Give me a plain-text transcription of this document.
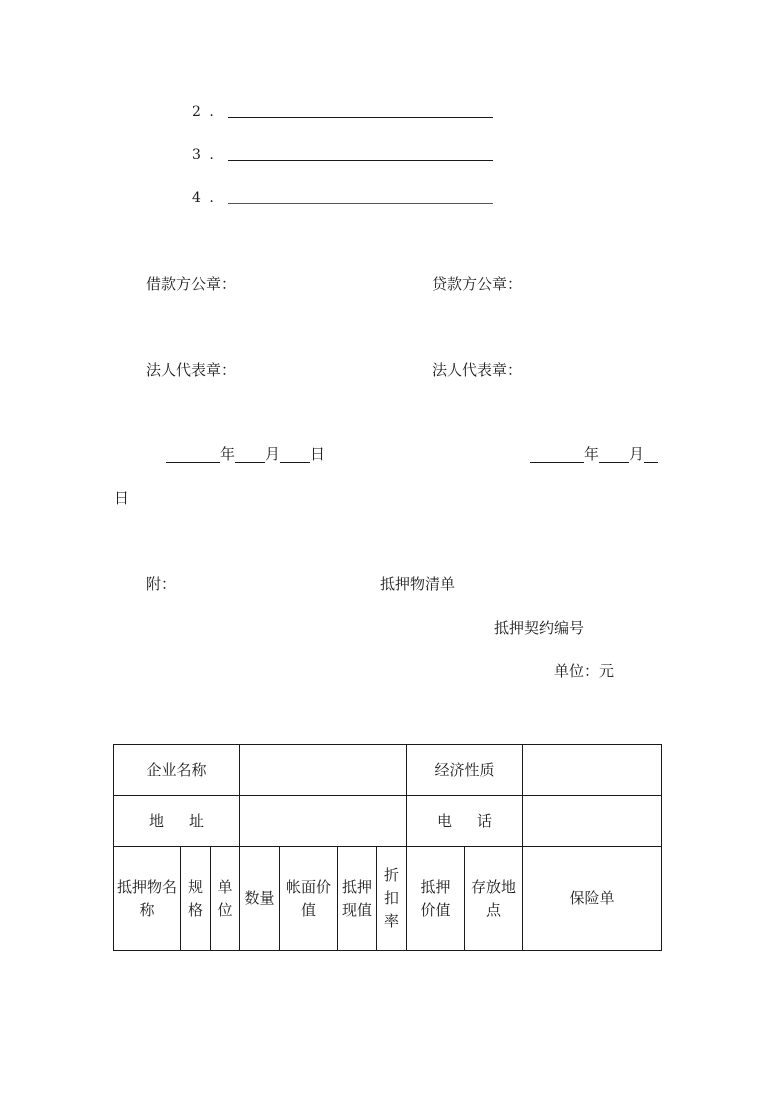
2 .
3 .
4 .
借款方公章：	贷款方公章：
法人代表章：	法人代表章：
年 月 日	年 月
日
附：	抵押物清单
抵押契约编号
单位：元
企业名称							经济性质		
地址							电话		
抵押物名称	规格	单位	数量	帐面价值	抵押现值	折扣率	抵押价值	存放地点	保险单
